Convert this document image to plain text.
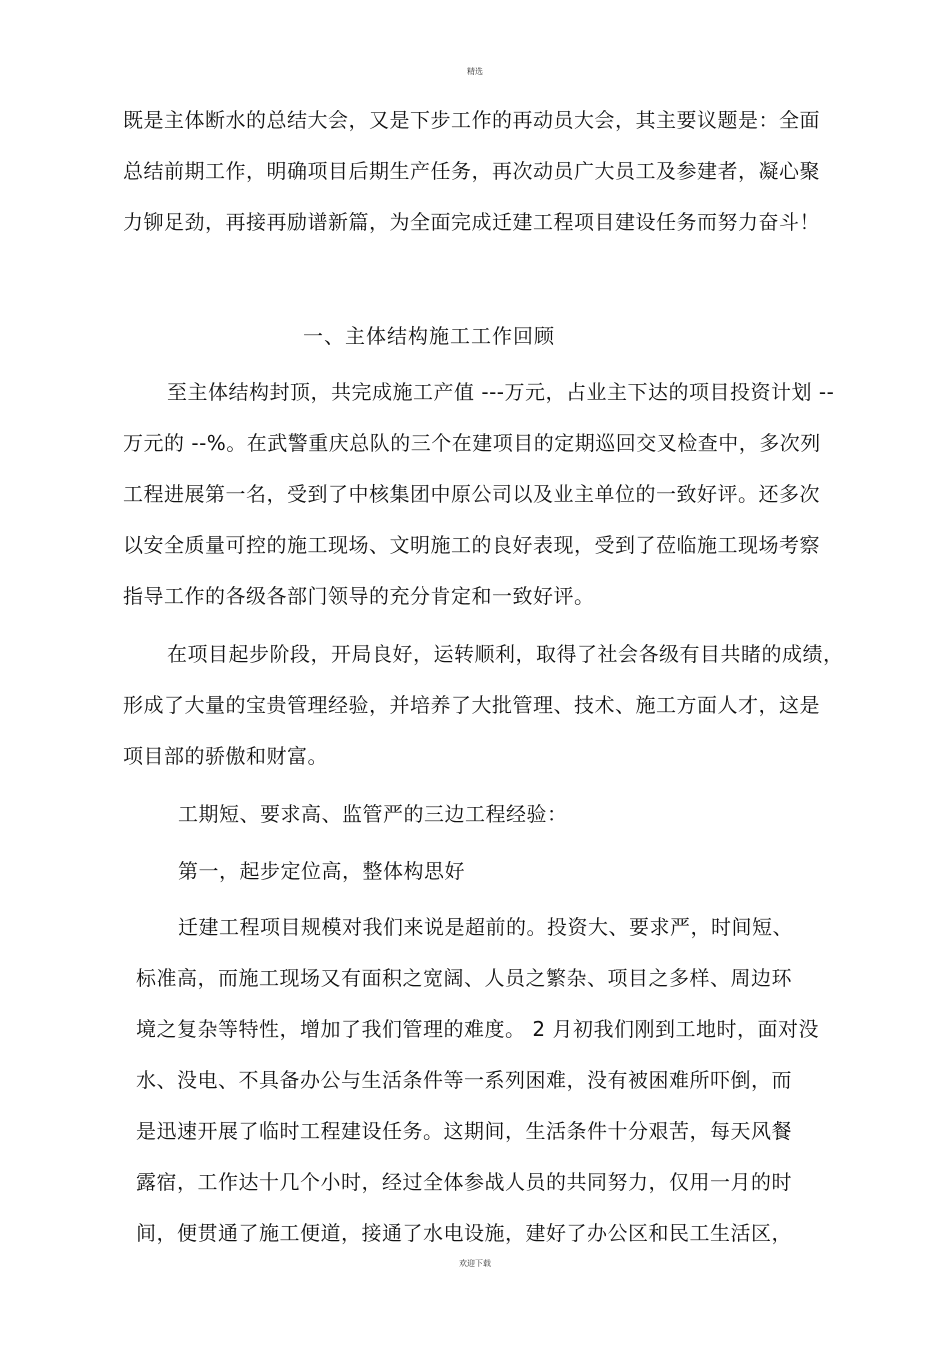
精选
既是主体断水的总结大会，又是下步工作的再动员大会，其主要议题是：全面
总结前期工作，明确项目后期生产任务，再次动员广大员工及参建者，凝心聚
力铆足劲，再接再励谱新篇，为全面完成迁建工程项目建设任务而努力奋斗！
一、主体结构施工工作回顾
至主体结构封顶，共完成施工产值 ---万元，占业主下达的项目投资计划 --
万元的 --%。在武警重庆总队的三个在建项目的定期巡回交叉检查中，多次列
工程进展第一名，受到了中核集团中原公司以及业主单位的一致好评。还多次
以安全质量可控的施工现场、文明施工的良好表现，受到了莅临施工现场考察
指导工作的各级各部门领导的充分肯定和一致好评。
在项目起步阶段，开局良好，运转顺利，取得了社会各级有目共睹的成绩，
形成了大量的宝贵管理经验，并培养了大批管理、技术、施工方面人才，这是
项目部的骄傲和财富。
工期短、要求高、监管严的三边工程经验：
第一，起步定位高，整体构思好
迁建工程项目规模对我们来说是超前的。投资大、要求严，时间短、
标准高，而施工现场又有面积之宽阔、人员之繁杂、项目之多样、周边环
境之复杂等特性，增加了我们管理的难度。 2 月初我们刚到工地时，面对没
水、没电、不具备办公与生活条件等一系列困难，没有被困难所吓倒，而
是迅速开展了临时工程建设任务。这期间，生活条件十分艰苦，每天风餐
露宿，工作达十几个小时，经过全体参战人员的共同努力，仅用一月的时
间，便贯通了施工便道，接通了水电设施，建好了办公区和民工生活区，
欢迎下载
